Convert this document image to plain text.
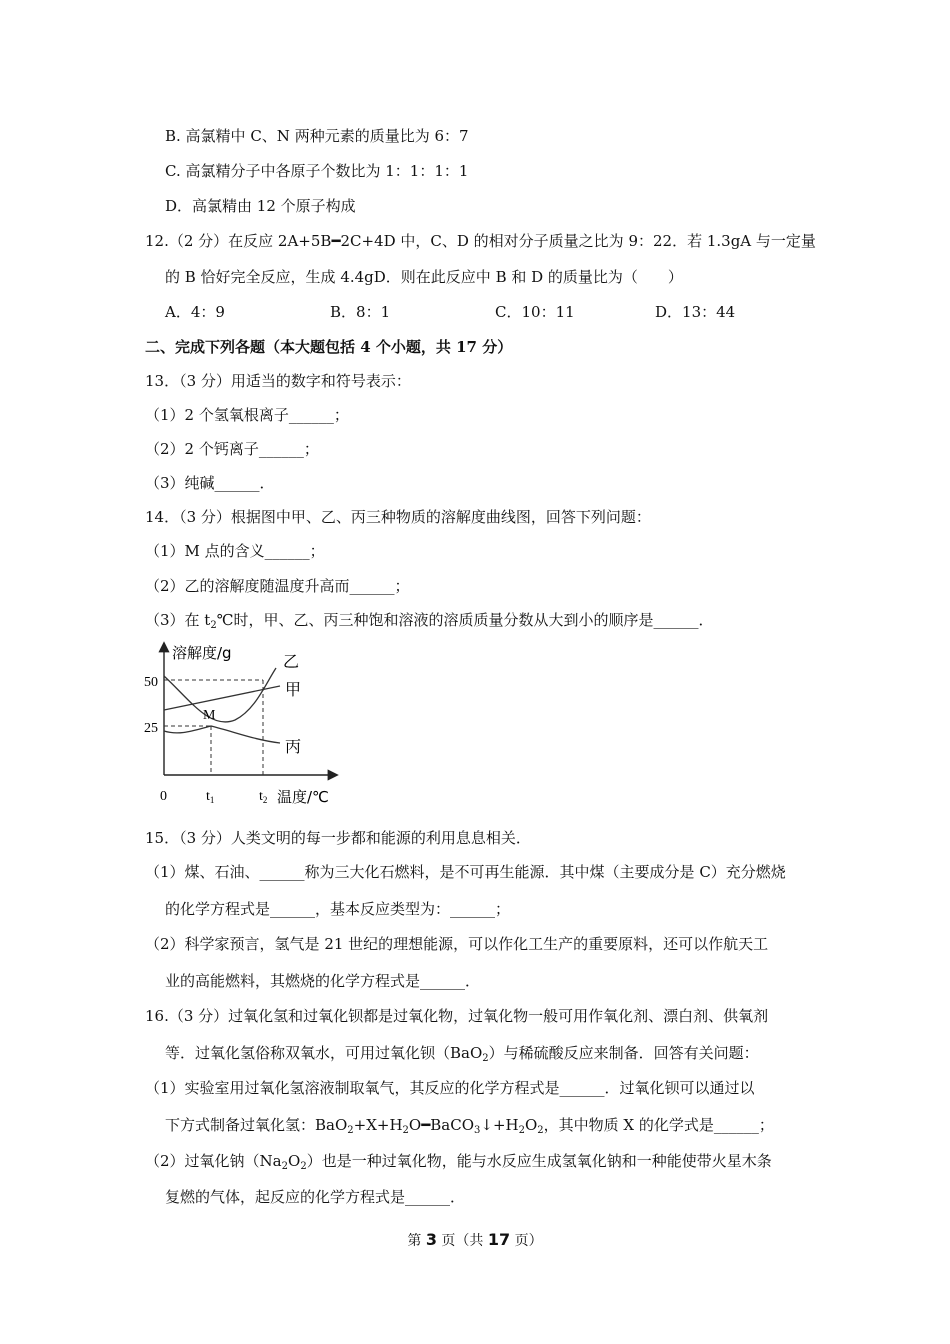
B. 高氯精中 C、N 两种元素的质量比为 6：7
C. 高氯精分子中各原子个数比为 1：1：1：1
D．高氯精由 12 个原子构成
12.（2 分）在反应 2A+5B━2C+4D 中，C、D 的相对分子质量之比为 9：22．若 1.3gA 与一定量
的 B 恰好完全反应，生成 4.4gD．则在此反应中 B 和 D 的质量比为（　　）
A．4：9	B．8：1	C．10：11	D．13：44
二、完成下列各题（本大题包括 4 个小题，共 17 分）
13．（3 分）用适当的数字和符号表示：
（1）2 个氢氧根离子______；
（2）2 个钙离子______；
（3）纯碱______．
14．（3 分）根据图中甲、乙、丙三种物质的溶解度曲线图，回答下列问题：
（1）M 点的含义______；
（2）乙的溶解度随温度升高而______；
（3）在 $t_2℃$时，甲、乙、丙三种饱和溶液的溶质质量分数从大到小的顺序是______．
溶解度/g
50
25
0	$t_1$	$t_2$ 温度/℃
M
乙
甲
丙
15．（3 分）人类文明的每一步都和能源的利用息息相关．
（1）煤、石油、______称为三大化石燃料，是不可再生能源．其中煤（主要成分是 C）充分燃烧
的化学方程式是______，基本反应类型为：______；
（2）科学家预言，氢气是 21 世纪的理想能源，可以作化工生产的重要原料，还可以作航天工
业的高能燃料，其燃烧的化学方程式是______．
16.（3 分）过氧化氢和过氧化钡都是过氧化物，过氧化物一般可用作氧化剂、漂白剂、供氧剂
等．过氧化氢俗称双氧水，可用过氧化钡（BaO$_2$）与稀硫酸反应来制备．回答有关问题：
（1）实验室用过氧化氢溶液制取氧气，其反应的化学方程式是______．过氧化钡可以通过以
下方式制备过氧化氢：$BaO_2+X+H_2O━BaCO_3↓+H_2O_2$，其中物质 X 的化学式是______；
（2）过氧化钠$(Na_2O_2)$也是一种过氧化物，能与水反应生成氢氧化钠和一种能使带火星木条
复燃的气体，起反应的化学方程式是______．
第 3 页（共 17 页）
